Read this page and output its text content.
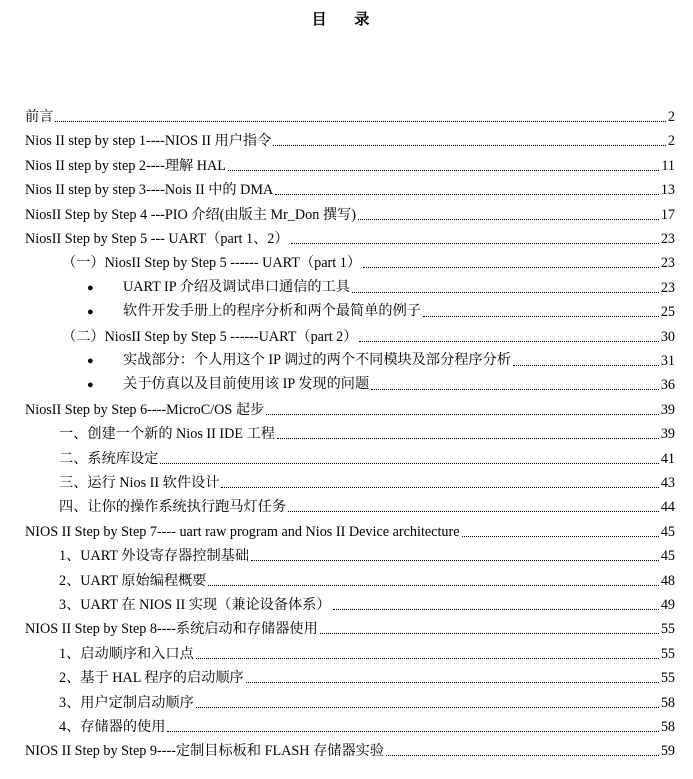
目 录
前言	2
Nios II step by step 1----NIOS II 用户指令	2
Nios II step by step 2----理解 HAL	11
Nios II step by step 3----Nois II 中的 DMA	13
NiosII Step by Step 4 ---PIO 介绍(由版主 Mr_Don 撰写)	17
NiosII Step by Step 5 --- UART（part 1、2）	23
（一）NiosII Step by Step 5 ------ UART（part 1）	23
● UART IP 介绍及调试串口通信的工具	23
● 软件开发手册上的程序分析和两个最简单的例子	25
（二）NiosII Step by Step 5 ------UART（part 2）	30
● 实战部分：个人用这个 IP 调过的两个不同模块及部分程序分析	31
● 关于仿真以及目前使用该 IP 发现的问题	36
NiosII Step by Step 6----MicroC/OS 起步	39
一、创建一个新的 Nios II IDE 工程	39
二、系统库设定	41
三、运行 Nios II 软件设计	43
四、让你的操作系统执行跑马灯任务	44
NIOS II Step by Step 7---- uart raw program and Nios II Device architecture	45
1、UART 外设寄存器控制基础	45
2、UART 原始编程概要	48
3、UART 在 NIOS II 实现（兼论设备体系）	49
NIOS II Step by Step 8----系统启动和存储器使用	55
1、启动顺序和入口点	55
2、基于 HAL 程序的启动顺序	55
3、用户定制启动顺序	58
4、存储器的使用	58
NIOS II Step by Step 9----定制目标板和 FLASH 存储器实验	59
